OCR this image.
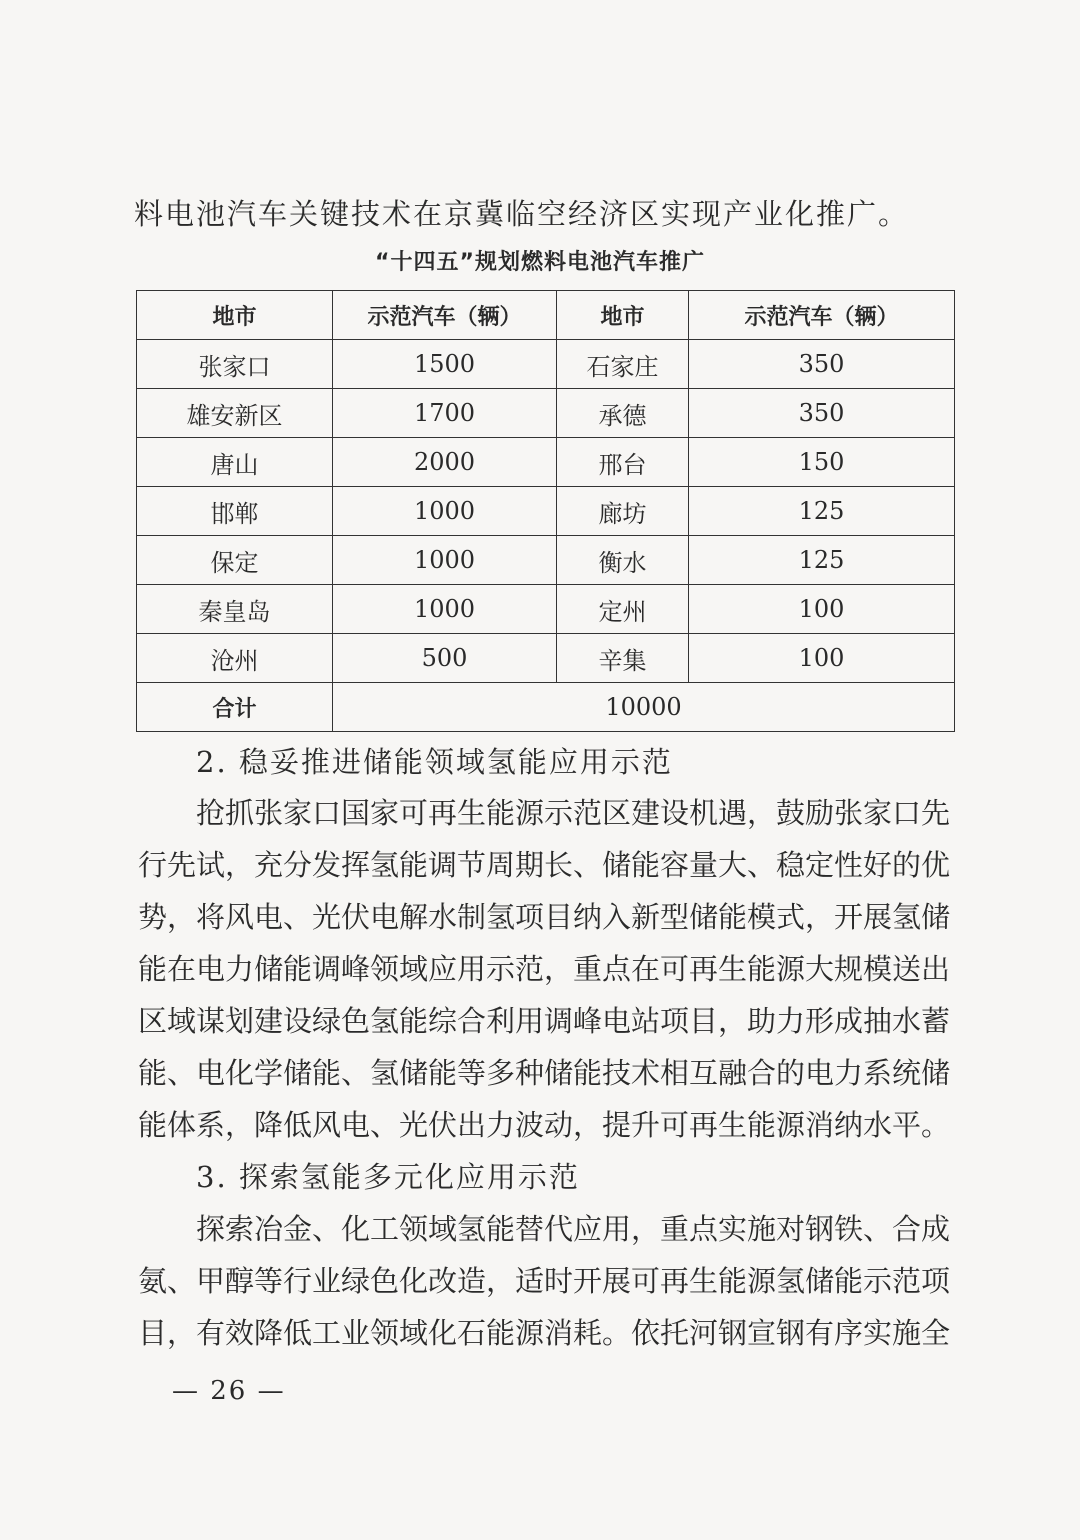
料电池汽车关键技术在京冀临空经济区实现产业化推广。
“十四五”规划燃料电池汽车推广
地市	示范汽车（辆）	地市	示范汽车（辆）
张家口	1500	石家庄	350
雄安新区	1700	承德	350
唐山	2000	邢台	150
邯郸	1000	廊坊	125
保定	1000	衡水	125
秦皇岛	1000	定州	100
沧州	500	辛集	100
合计	10000		
2. 稳妥推进储能领域氢能应用示范
抢抓张家口国家可再生能源示范区建设机遇，鼓励张家口先
行先试，充分发挥氢能调节周期长、储能容量大、稳定性好的优
势，将风电、光伏电解水制氢项目纳入新型储能模式，开展氢储
能在电力储能调峰领域应用示范，重点在可再生能源大规模送出
区域谋划建设绿色氢能综合利用调峰电站项目，助力形成抽水蓄
能、电化学储能、氢储能等多种储能技术相互融合的电力系统储
能体系，降低风电、光伏出力波动，提升可再生能源消纳水平。
3. 探索氢能多元化应用示范
探索冶金、化工领域氢能替代应用，重点实施对钢铁、合成
氨、甲醇等行业绿色化改造，适时开展可再生能源氢储能示范项
目，有效降低工业领域化石能源消耗。依托河钢宣钢有序实施全
— 26 —
